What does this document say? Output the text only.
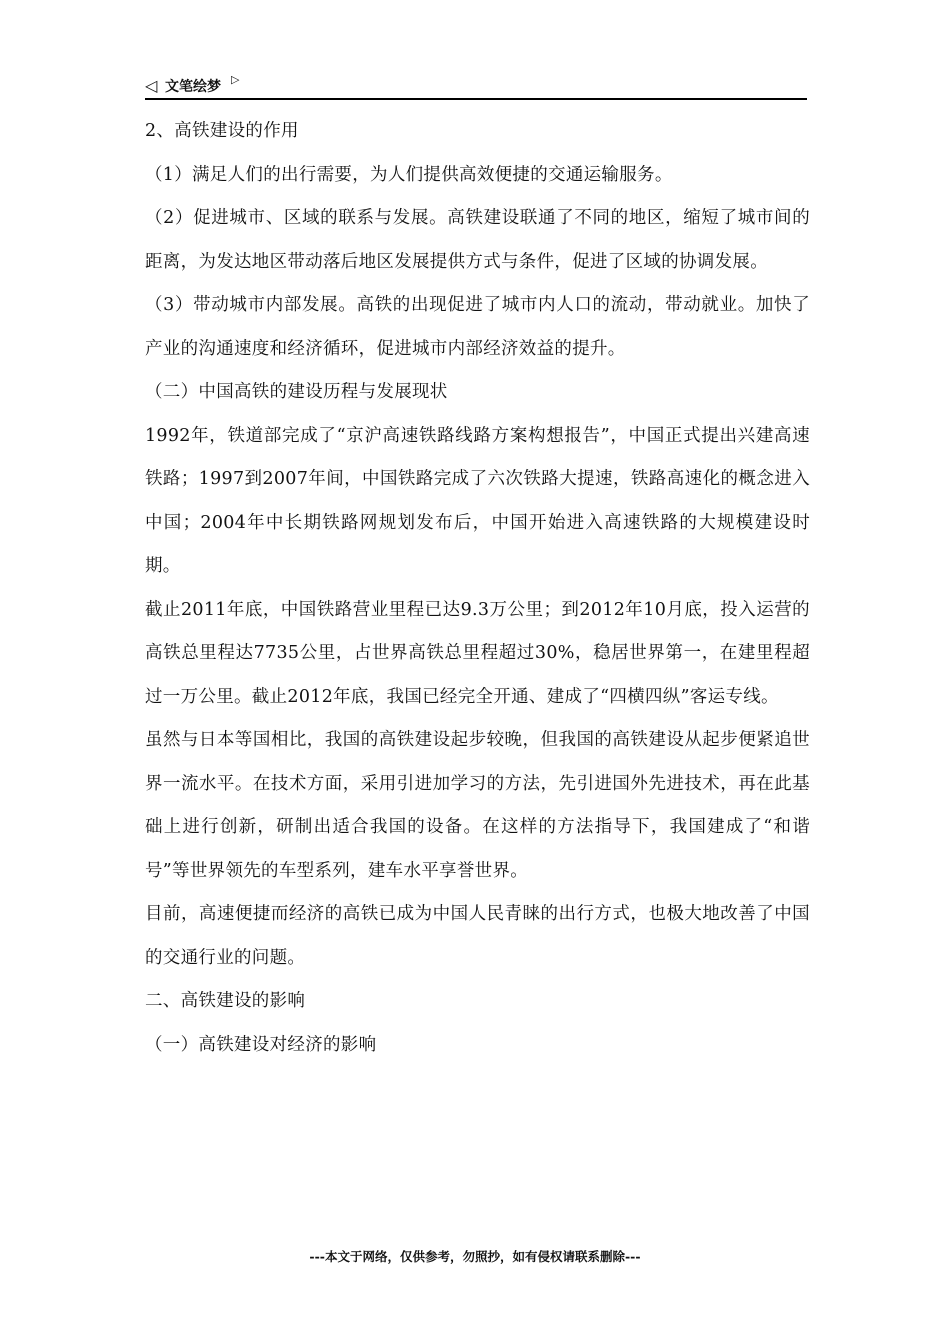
◁ 文笔绘梦 ▷

2、高铁建设的作用

（1）满足人们的出行需要，为人们提供高效便捷的交通运输服务。

（2）促进城市、区域的联系与发展。高铁建设联通了不同的地区，缩短了城市间的距离，为发达地区带动落后地区发展提供方式与条件，促进了区域的协调发展。

（3）带动城市内部发展。高铁的出现促进了城市内人口的流动，带动就业。加快了产业的沟通速度和经济循环，促进城市内部经济效益的提升。

（二）中国高铁的建设历程与发展现状

1992年，铁道部完成了“京沪高速铁路线路方案构想报告”，中国正式提出兴建高速铁路；1997到2007年间，中国铁路完成了六次铁路大提速，铁路高速化的概念进入中国；2004年中长期铁路网规划发布后，中国开始进入高速铁路的大规模建设时期。

截止2011年底，中国铁路营业里程已达9.3万公里；到2012年10月底，投入运营的高铁总里程达7735公里，占世界高铁总里程超过30%，稳居世界第一，在建里程超过一万公里。截止2012年底，我国已经完全开通、建成了“四横四纵”客运专线。

虽然与日本等国相比，我国的高铁建设起步较晚，但我国的高铁建设从起步便紧追世界一流水平。在技术方面，采用引进加学习的方法，先引进国外先进技术，再在此基础上进行创新，研制出适合我国的设备。在这样的方法指导下，我国建成了“和谐号”等世界领先的车型系列，建车水平享誉世界。

目前，高速便捷而经济的高铁已成为中国人民青睐的出行方式，也极大地改善了中国的交通行业的问题。

二、高铁建设的影响

（一）高铁建设对经济的影响

---本文于网络，仅供参考，勿照抄，如有侵权请联系删除---
